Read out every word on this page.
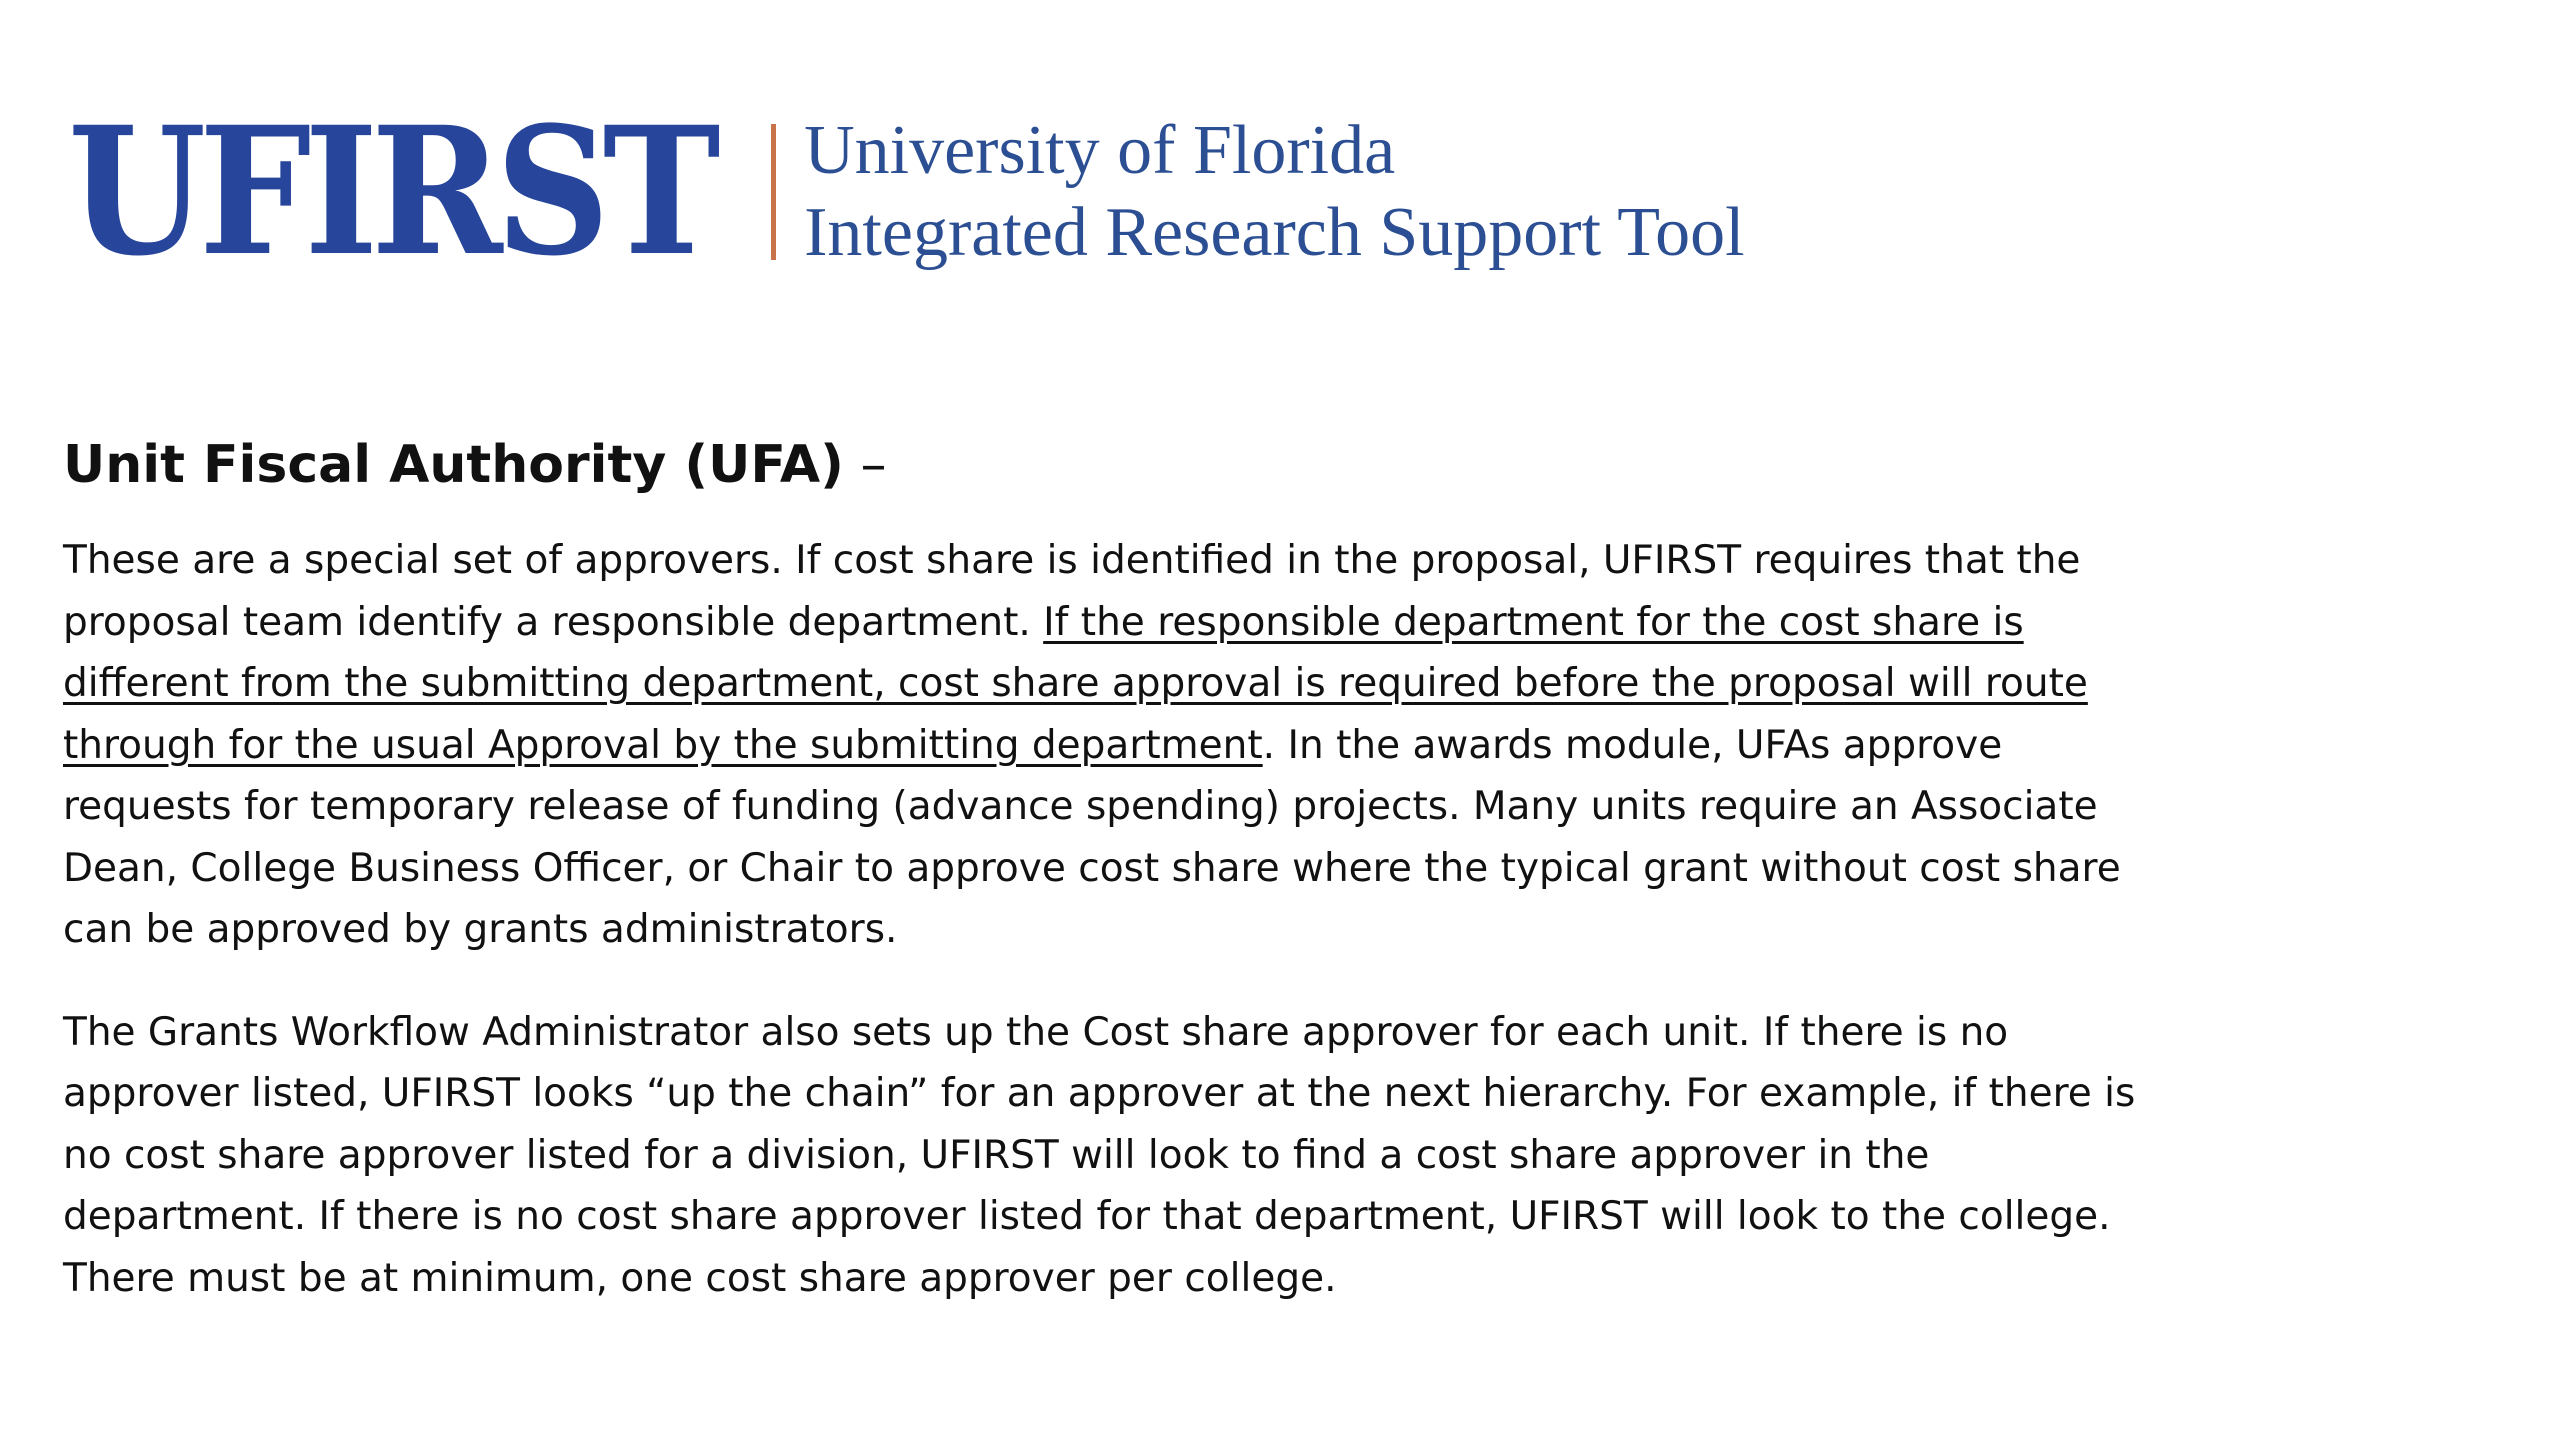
UFIRST University of Florida
Integrated Research Support Tool
Unit Fiscal Authority (UFA) –

These are a special set of approvers. If cost share is identified in the proposal, UFIRST requires that the proposal team identify a responsible department. If the responsible department for the cost share is different from the submitting department, cost share approval is required before the proposal will route through for the usual Approval by the submitting department. In the awards module, UFAs approve requests for temporary release of funding (advance spending) projects. Many units require an Associate Dean, College Business Officer, or Chair to approve cost share where the typical grant without cost share can be approved by grants administrators.

The Grants Workflow Administrator also sets up the Cost share approver for each unit. If there is no approver listed, UFIRST looks “up the chain” for an approver at the next hierarchy. For example, if there is no cost share approver listed for a division, UFIRST will look to find a cost share approver in the department. If there is no cost share approver listed for that department, UFIRST will look to the college. There must be at minimum, one cost share approver per college.
